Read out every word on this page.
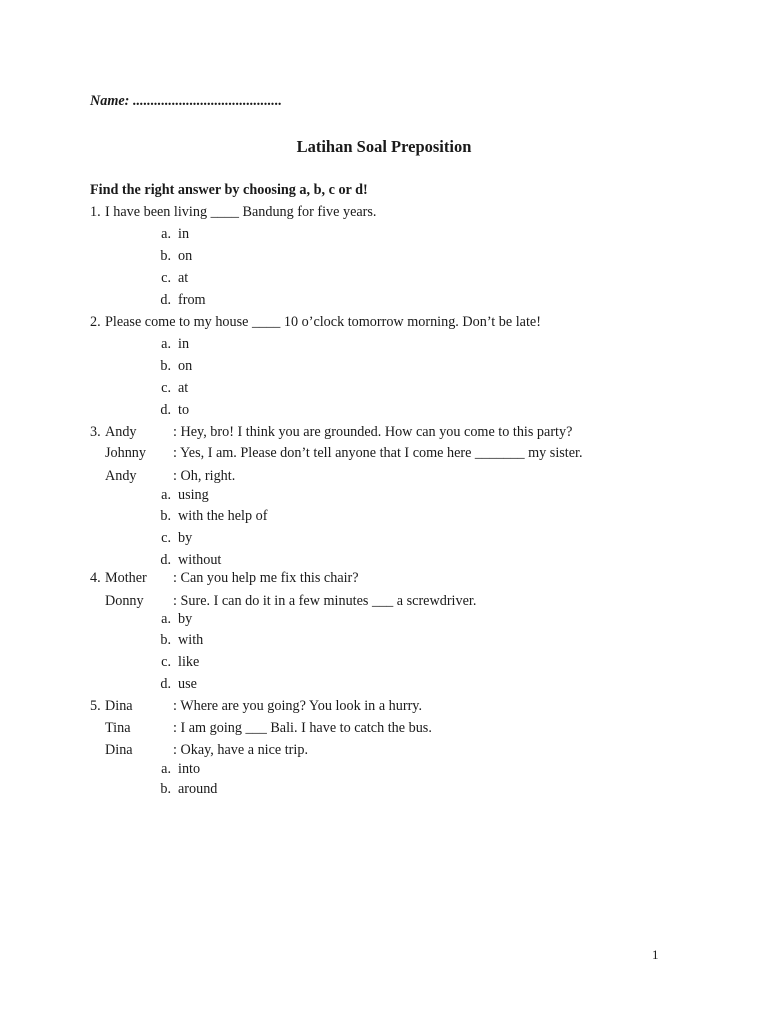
Name: ..........................................
Latihan Soal Preposition
Find the right answer by choosing a, b, c or d!
1. I have been living ____ Bandung for five years.
a. in
b. on
c. at
d. from
2. Please come to my house ____ 10 o’clock tomorrow morning. Don’t be late!
a. in
b. on
c. at
d. to
3. Andy	: Hey, bro! I think you are grounded. How can you come to this party?
Johnny : Yes, I am. Please don’t tell anyone that I come here _______ my sister.
Andy	: Oh, right.
a. using
b. with the help of
c. by
d. without
4. Mother : Can you help me fix this chair?
Donny : Sure. I can do it in a few minutes ___ a screwdriver.
a. by
b. with
c. like
d. use
5. Dina	: Where are you going? You look in a hurry.
Tina	: I am going ___ Bali. I have to catch the bus.
Dina	: Okay, have a nice trip.
a. into
b. around
1
